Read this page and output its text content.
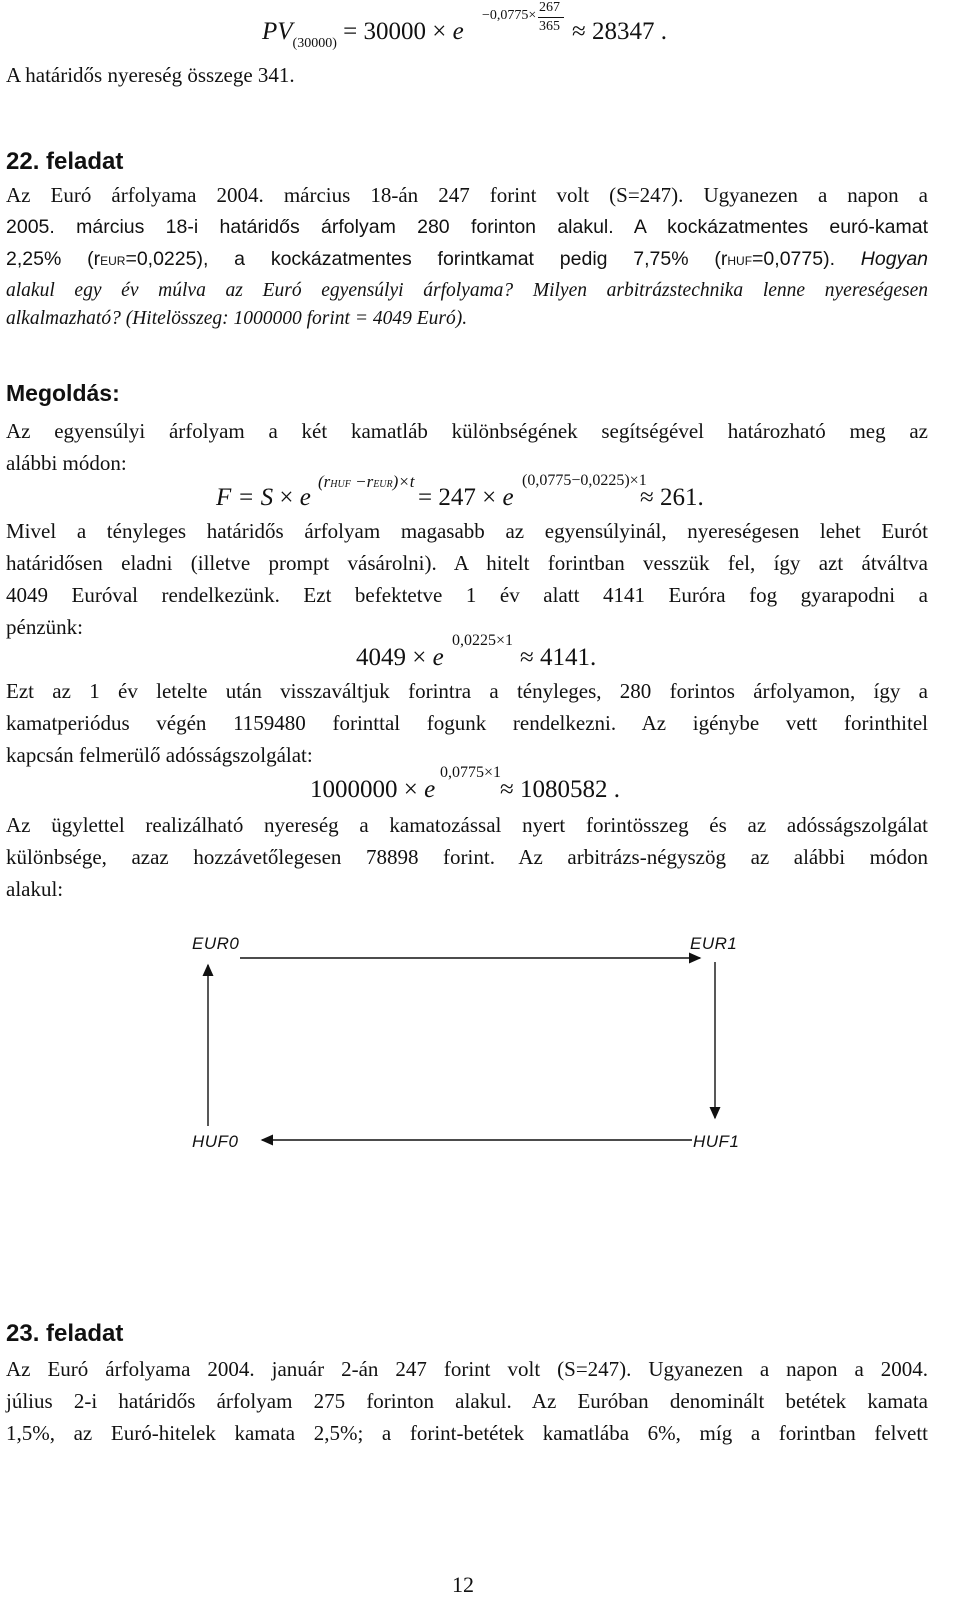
$PV_{(30000)} = 30000 \times e$
−0,0775×
267
365 ≈ 28347 .
A határidős nyereség összege 341.
22. feladat
Az Euró árfolyama 2004. március 18-án 247 forint volt (S=247). Ugyanezen a napon a
2005. március 18-i határidős árfolyam 280 forinton alakul. A kockázatmentes euró-kamat
2,25% (rEUR=0,0225), a kockázatmentes forintkamat pedig 7,75% (rHUF=0,0775). Hogyan
alakul egy év múlva az Euró egyensúlyi árfolyama? Milyen arbitrázstechnika lenne nyereségesen
alkalmazható? (Hitelösszeg: 1000000 forint = 4049 Euró).
Megoldás:
Az egyensúlyi árfolyam a két kamatláb különbségének segítségével határozható meg az
alábbi módon:
F = S × e
(rHUF −rEUR)×t
= 247 × e
(0,0775−0,0225)×1
≈ 261.
Mivel a tényleges határidős árfolyam magasabb az egyensúlyinál, nyereségesen lehet Eurót
határidősen eladni (illetve prompt vásárolni). A hitelt forintban vesszük fel, így azt átváltva
4049 Euróval rendelkezünk. Ezt befektetve 1 év alatt 4141 Euróra fog gyarapodni a
pénzünk:
4049 × e
0,0225×1
≈ 4141.
Ezt az 1 év letelte után visszaváltjuk forintra a tényleges, 280 forintos árfolyamon, így a
kamatperiódus végén 1159480 forinttal fogunk rendelkezni. Az igénybe vett forinthitel
kapcsán felmerülő adósságszolgálat:
1000000 × e
0,0775×1
≈ 1080582 .
Az ügylettel realizálható nyereség a kamatozással nyert forintösszeg és az adósságszolgálat
különbsége, azaz hozzávetőlegesen 78898 forint. Az arbitrázs-négyszög az alábbi módon
alakul:
EUR0	EUR1
HUF0	HUF1
23. feladat
Az Euró árfolyama 2004. január 2-án 247 forint volt (S=247). Ugyanezen a napon a 2004.
július 2-i határidős árfolyam 275 forinton alakul. Az Euróban denominált betétek kamata
1,5%, az Euró-hitelek kamata 2,5%; a forint-betétek kamatlába 6%, míg a forintban felvett
12
